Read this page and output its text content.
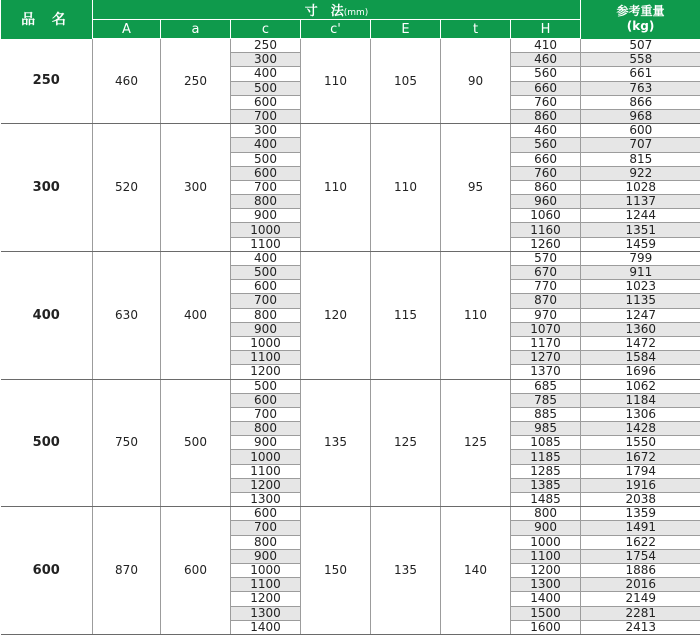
品 名	寸　法(mm)							参考重量
(kg)

	A	a	c	c'	E	t	H	
250	460	250	250	110	105	90	410	507
			300				460	558
			400				560	661
			500				660	763
			600				760	866
			700				860	968
300	520	300	300	110	110	95	460	600
			400				560	707
			500				660	815
			600				760	922
			700				860	1028
			800				960	1137
			900				1060	1244
			1000				1160	1351
			1100				1260	1459
400	630	400	400	120	115	110	570	799
			500				670	911
			600				770	1023
			700				870	1135
			800				970	1247
			900				1070	1360
			1000				1170	1472
			1100				1270	1584
			1200				1370	1696
500	750	500	500	135	125	125	685	1062
			600				785	1184
			700				885	1306
			800				985	1428
			900				1085	1550
			1000				1185	1672
			1100				1285	1794
			1200				1385	1916
			1300				1485	2038
600	870	600	600	150	135	140	800	1359
			700				900	1491
			800				1000	1622
			900				1100	1754
			1000				1200	1886
			1100				1300	2016
			1200				1400	2149
			1300				1500	2281
			1400				1600	2413
